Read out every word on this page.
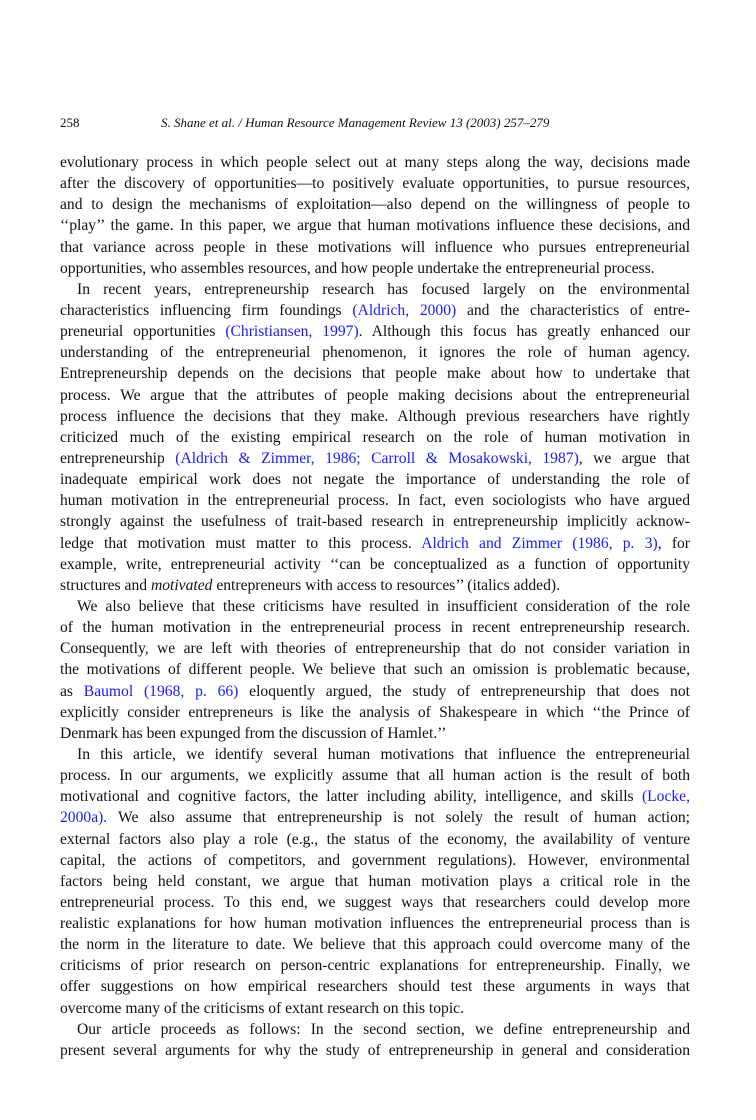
258	S. Shane et al. / Human Resource Management Review 13 (2003) 257–279
evolutionary process in which people select out at many steps along the way, decisions made
after the discovery of opportunities—to positively evaluate opportunities, to pursue resources,
and to design the mechanisms of exploitation—also depend on the willingness of people to
‘‘play’’ the game. In this paper, we argue that human motivations influence these decisions, and
that variance across people in these motivations will influence who pursues entrepreneurial
opportunities, who assembles resources, and how people undertake the entrepreneurial process.
In recent years, entrepreneurship research has focused largely on the environmental
characteristics influencing firm foundings (Aldrich, 2000) and the characteristics of entre-
preneurial opportunities (Christiansen, 1997). Although this focus has greatly enhanced our
understanding of the entrepreneurial phenomenon, it ignores the role of human agency.
Entrepreneurship depends on the decisions that people make about how to undertake that
process. We argue that the attributes of people making decisions about the entrepreneurial
process influence the decisions that they make. Although previous researchers have rightly
criticized much of the existing empirical research on the role of human motivation in
entrepreneurship (Aldrich & Zimmer, 1986; Carroll & Mosakowski, 1987), we argue that
inadequate empirical work does not negate the importance of understanding the role of
human motivation in the entrepreneurial process. In fact, even sociologists who have argued
strongly against the usefulness of trait-based research in entrepreneurship implicitly acknow-
ledge that motivation must matter to this process. Aldrich and Zimmer (1986, p. 3), for
example, write, entrepreneurial activity ‘‘can be conceptualized as a function of opportunity
structures and motivated entrepreneurs with access to resources’’ (italics added).
We also believe that these criticisms have resulted in insufficient consideration of the role
of the human motivation in the entrepreneurial process in recent entrepreneurship research.
Consequently, we are left with theories of entrepreneurship that do not consider variation in
the motivations of different people. We believe that such an omission is problematic because,
as Baumol (1968, p. 66) eloquently argued, the study of entrepreneurship that does not
explicitly consider entrepreneurs is like the analysis of Shakespeare in which ‘‘the Prince of
Denmark has been expunged from the discussion of Hamlet.’’
In this article, we identify several human motivations that influence the entrepreneurial
process. In our arguments, we explicitly assume that all human action is the result of both
motivational and cognitive factors, the latter including ability, intelligence, and skills (Locke,
2000a). We also assume that entrepreneurship is not solely the result of human action;
external factors also play a role (e.g., the status of the economy, the availability of venture
capital, the actions of competitors, and government regulations). However, environmental
factors being held constant, we argue that human motivation plays a critical role in the
entrepreneurial process. To this end, we suggest ways that researchers could develop more
realistic explanations for how human motivation influences the entrepreneurial process than is
the norm in the literature to date. We believe that this approach could overcome many of the
criticisms of prior research on person-centric explanations for entrepreneurship. Finally, we
offer suggestions on how empirical researchers should test these arguments in ways that
overcome many of the criticisms of extant research on this topic.
Our article proceeds as follows: In the second section, we define entrepreneurship and
present several arguments for why the study of entrepreneurship in general and consideration
